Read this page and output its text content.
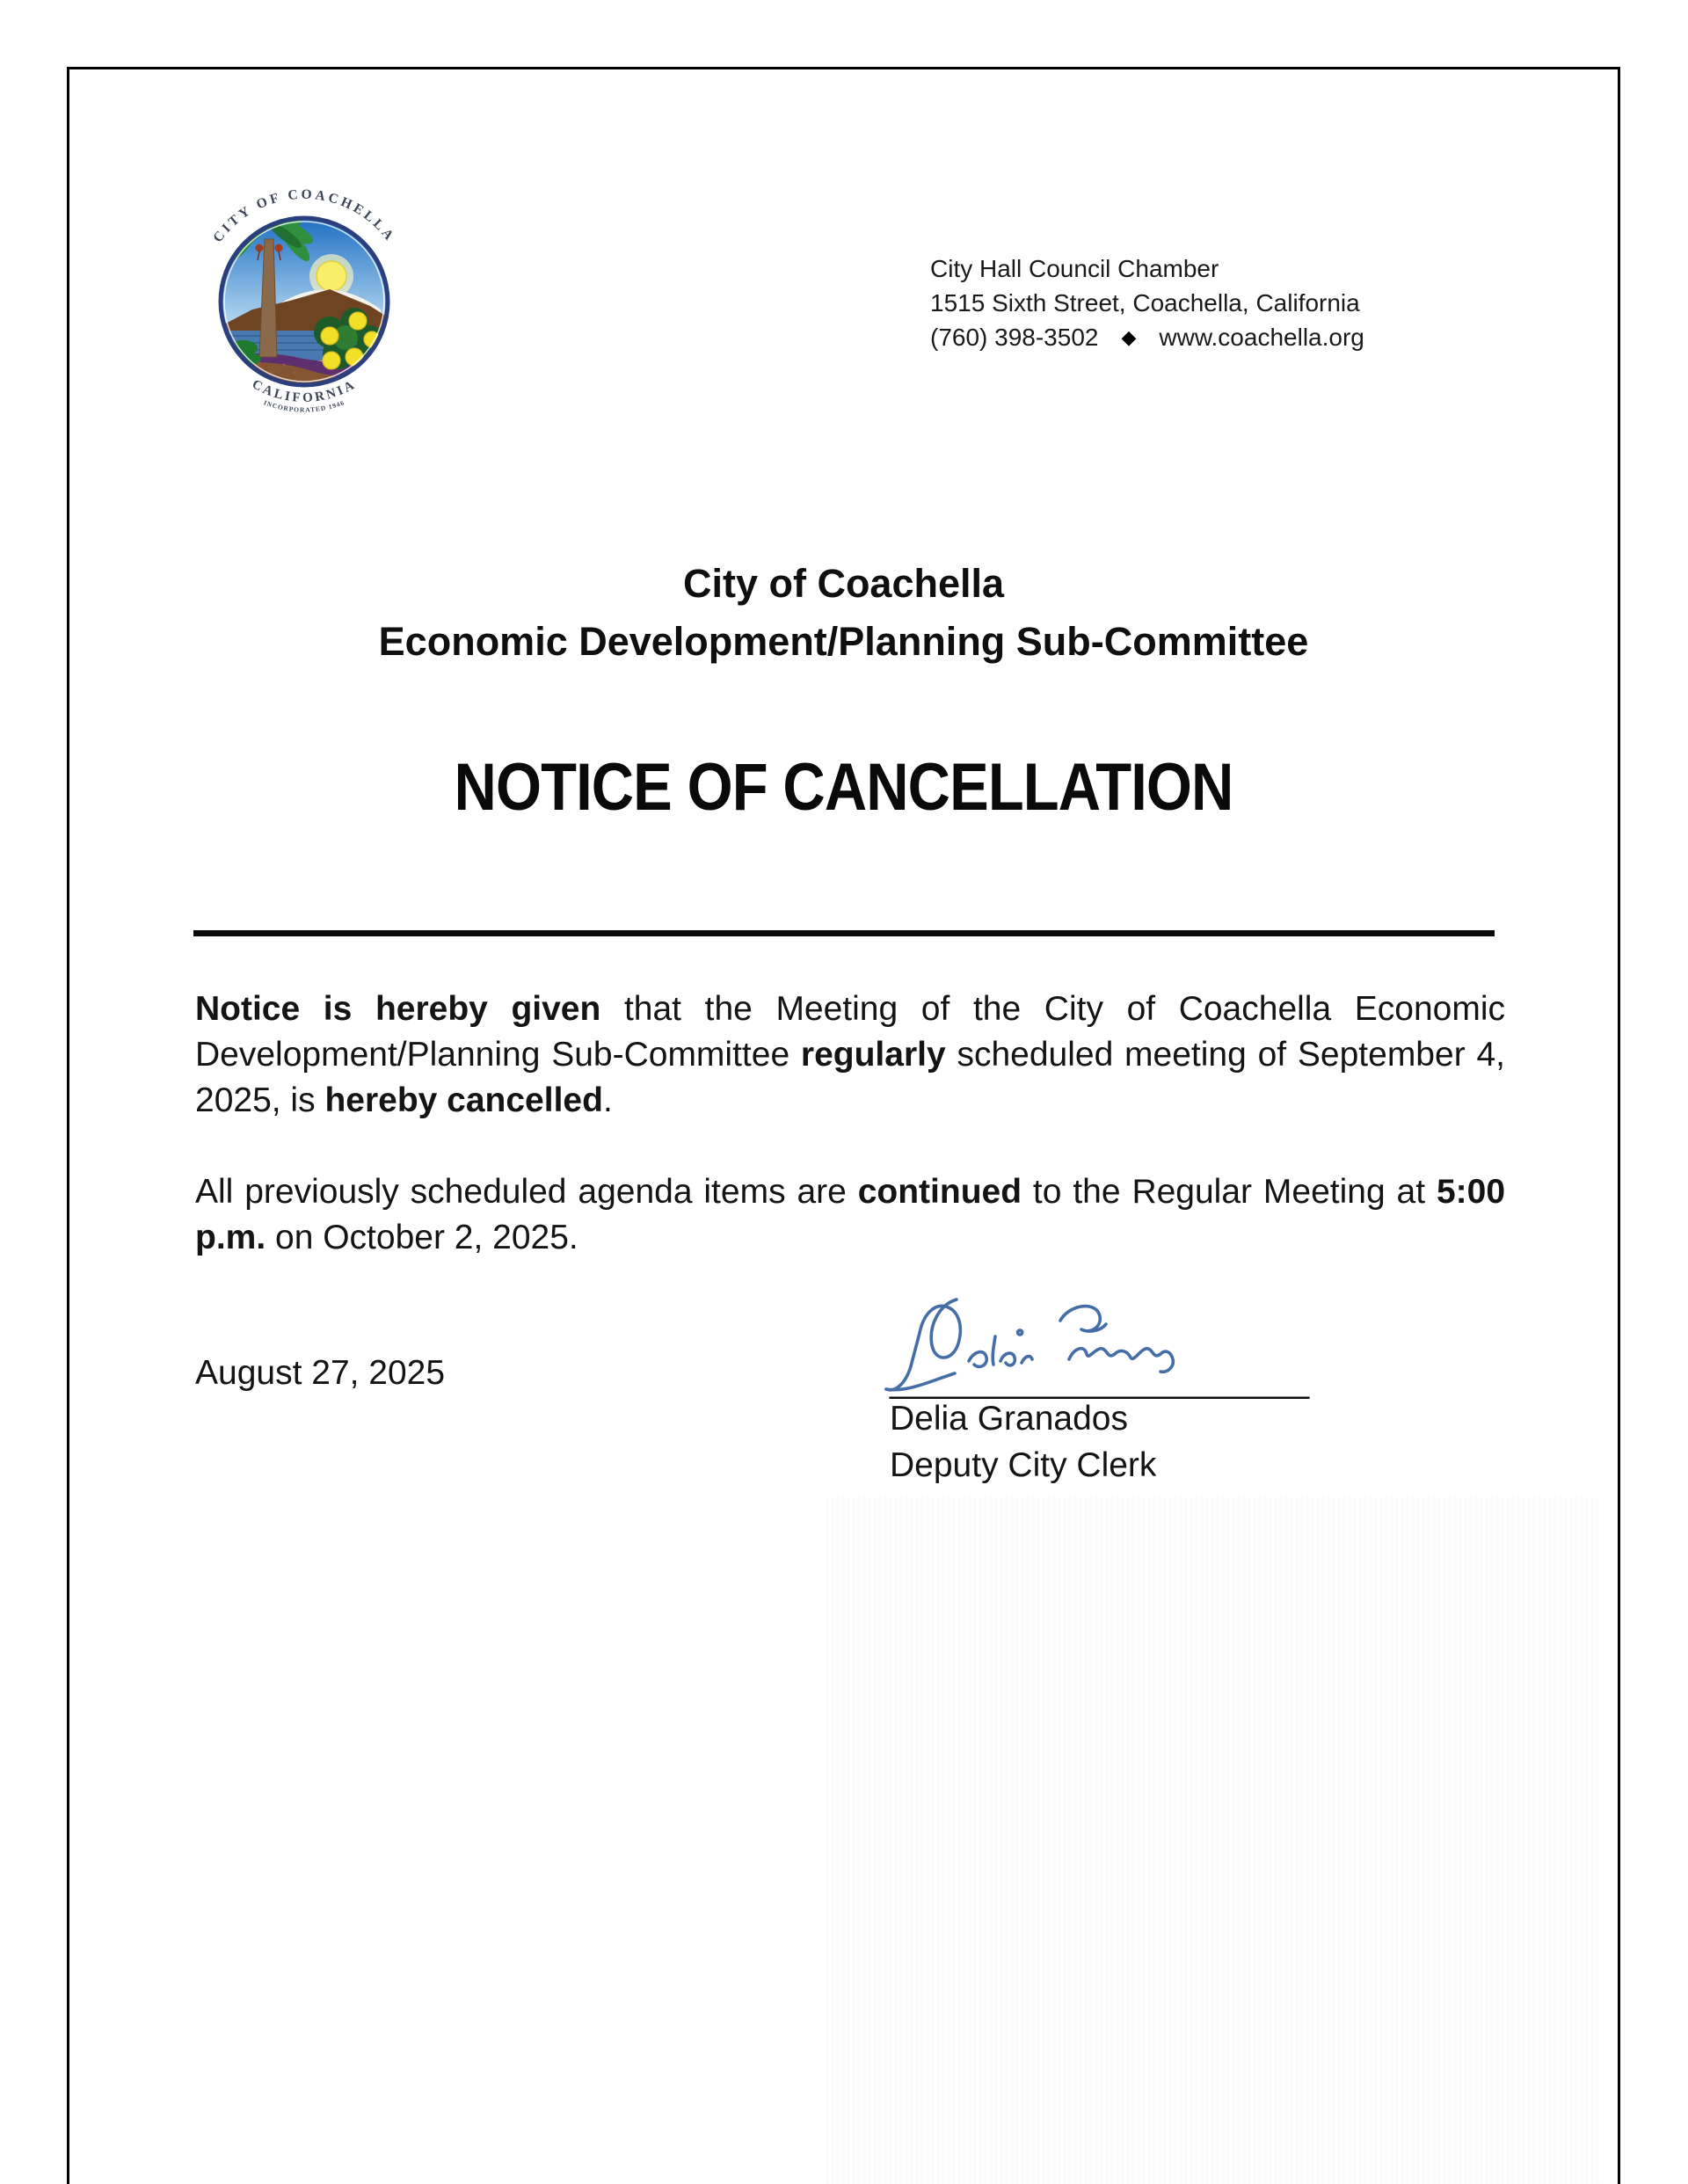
CITY OF COACHELLA
CALIFORNIA
INCORPORATED 1946
City Hall Council Chamber
1515 Sixth Street, Coachella, California
(760) 398-3502 ◆ www.coachella.org
City of Coachella
Economic Development/Planning Sub-Committee
NOTICE OF CANCELLATION

Notice is hereby given that the Meeting of the City of Coachella Economic Development/Planning Sub-Committee regularly scheduled meeting of September 4, 2025, is hereby cancelled.

All previously scheduled agenda items are continued to the Regular Meeting at 5:00 p.m. on October 2, 2025.

August 27, 2025	______________________
Delia Granados
Deputy City Clerk
